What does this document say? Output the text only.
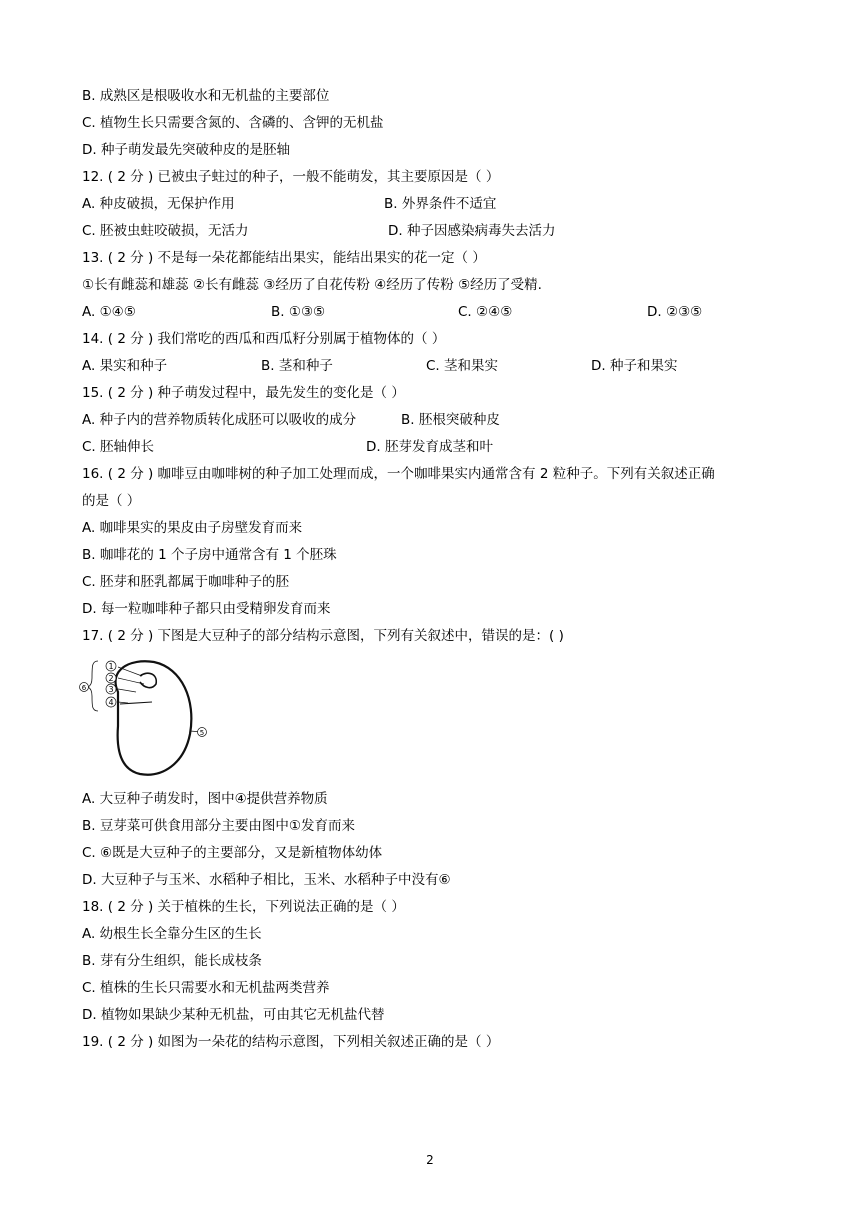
B. 成熟区是根吸收水和无机盐的主要部位
C. 植物生长只需要含氮的、含磷的、含钾的无机盐
D. 种子萌发最先突破种皮的是胚轴
12. ( 2 分 ) 已被虫子蛀过的种子，一般不能萌发，其主要原因是（ ）
A. 种皮破损，无保护作用	B. 外界条件不适宜
C. 胚被虫蛀咬破损，无活力	D. 种子因感染病毒失去活力
13. ( 2 分 ) 不是每一朵花都能结出果实，能结出果实的花一定（ ）
①长有雌蕊和雄蕊 ②长有雌蕊 ③经历了自花传粉 ④经历了传粉 ⑤经历了受精.
A. ①④⑤	B. ①③⑤	C. ②④⑤	D. ②③⑤
14. ( 2 分 ) 我们常吃的西瓜和西瓜籽分别属于植物体的（ ）
A. 果实和种子	B. 茎和种子	C. 茎和果实	D. 种子和果实
15. ( 2 分 ) 种子萌发过程中，最先发生的变化是（ ）
A. 种子内的营养物质转化成胚可以吸收的成分	B. 胚根突破种皮
C. 胚轴伸长	D. 胚芽发育成茎和叶
16. ( 2 分 ) 咖啡豆由咖啡树的种子加工处理而成，一个咖啡果实内通常含有 2 粒种子。下列有关叙述正确
的是（ ）
A. 咖啡果实的果皮由子房壁发育而来
B. 咖啡花的 1 个子房中通常含有 1 个胚珠
C. 胚芽和胚乳都属于咖啡种子的胚
D. 每一粒咖啡种子都只由受精卵发育而来
17. ( 2 分 ) 下图是大豆种子的部分结构示意图，下列有关叙述中，错误的是：( )
1
2
3
4
5
6
A. 大豆种子萌发时，图中④提供营养物质
B. 豆芽菜可供食用部分主要由图中①发育而来
C. ⑥既是大豆种子的主要部分，又是新植物体幼体
D. 大豆种子与玉米、水稻种子相比，玉米、水稻种子中没有⑥
18. ( 2 分 ) 关于植株的生长，下列说法正确的是（ ）
A. 幼根生长全靠分生区的生长
B. 芽有分生组织，能长成枝条
C. 植株的生长只需要水和无机盐两类营养
D. 植物如果缺少某种无机盐，可由其它无机盐代替
19. ( 2 分 ) 如图为一朵花的结构示意图，下列相关叙述正确的是（ ）
2
